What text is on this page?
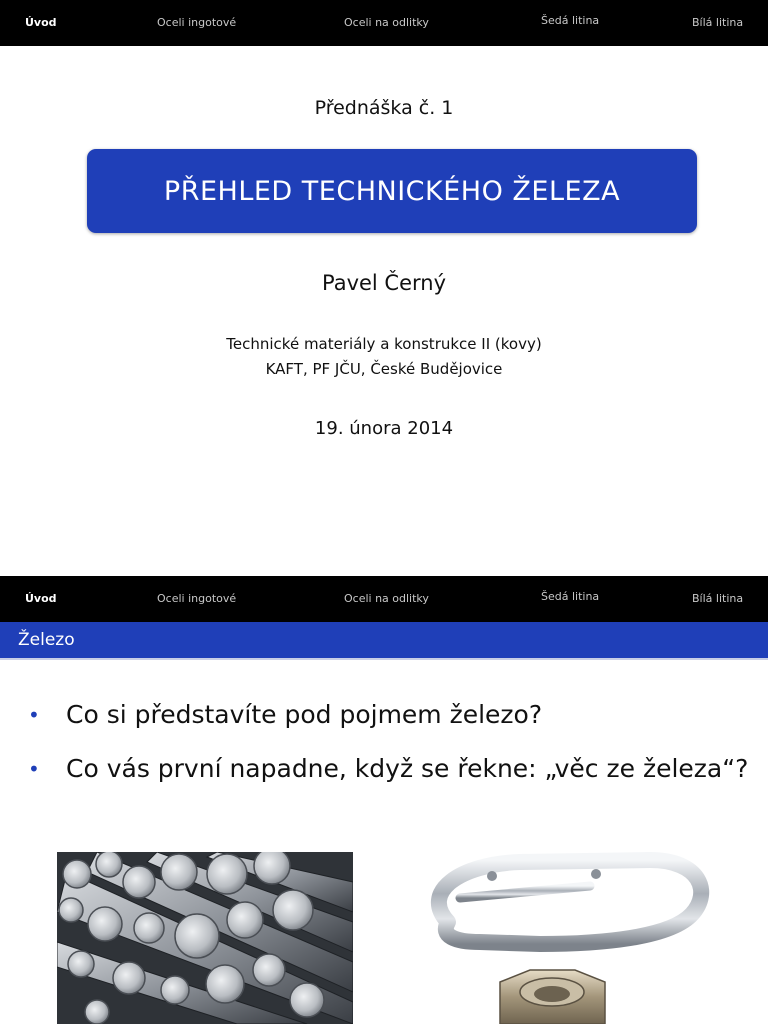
Úvod	Oceli ingotové	Oceli na odlitky	Šedá litina	Bílá litina
Přednáška č. 1
PŘEHLED TECHNICKÉHO ŽELEZA
Pavel Černý
Technické materiály a konstrukce II (kovy)
KAFT, PF JČU, České Budějovice
19. února 2014
Úvod	Oceli ingotové	Oceli na odlitky	Šedá litina	Bílá litina
Železo
• Co si představíte pod pojmem železo?
• Co vás první napadne, když se řekne: „věc ze železa“?
